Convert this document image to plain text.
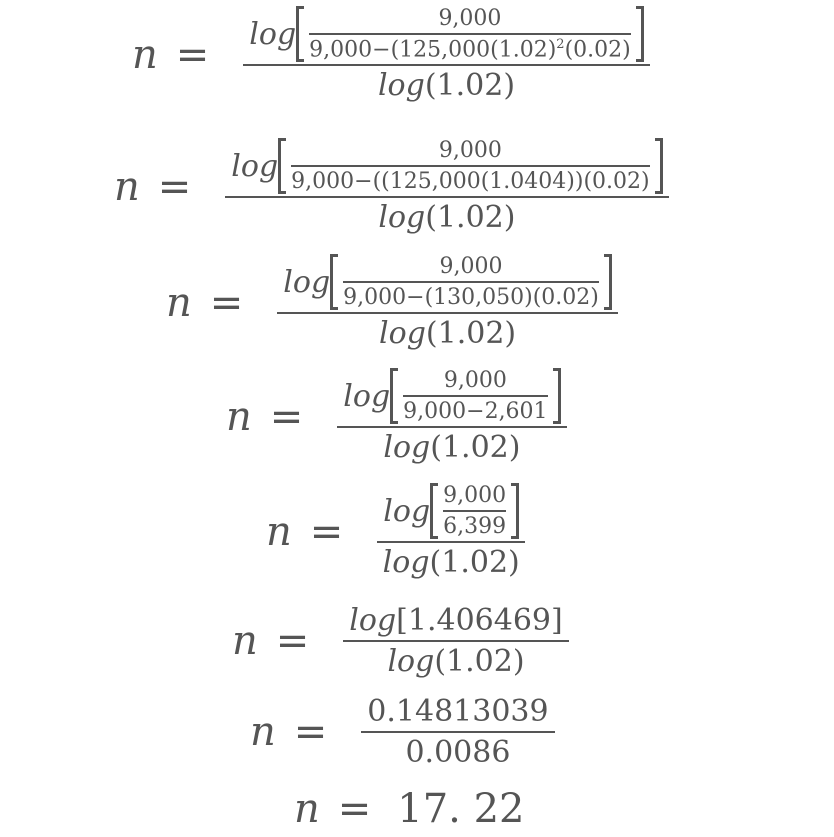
n = log	9,000
$9,000-(125,000(1.02)^2(0.02)$
log (1.02)
n = log	9,000
9,000−((125,000(1.0404))(0.02)
log (1.02)
n = log	9,000
9,000−(130,050)(0.02)
log (1.02)
n = log 9,000
9,000−2,601
log (1.02)
n = log 9,000
6,399
log (1.02)
$n = \frac{\log [1.406469]}{\log (1.02)}$
$n = \frac{0.14813039}{0.0086}$
n = 17. 22
